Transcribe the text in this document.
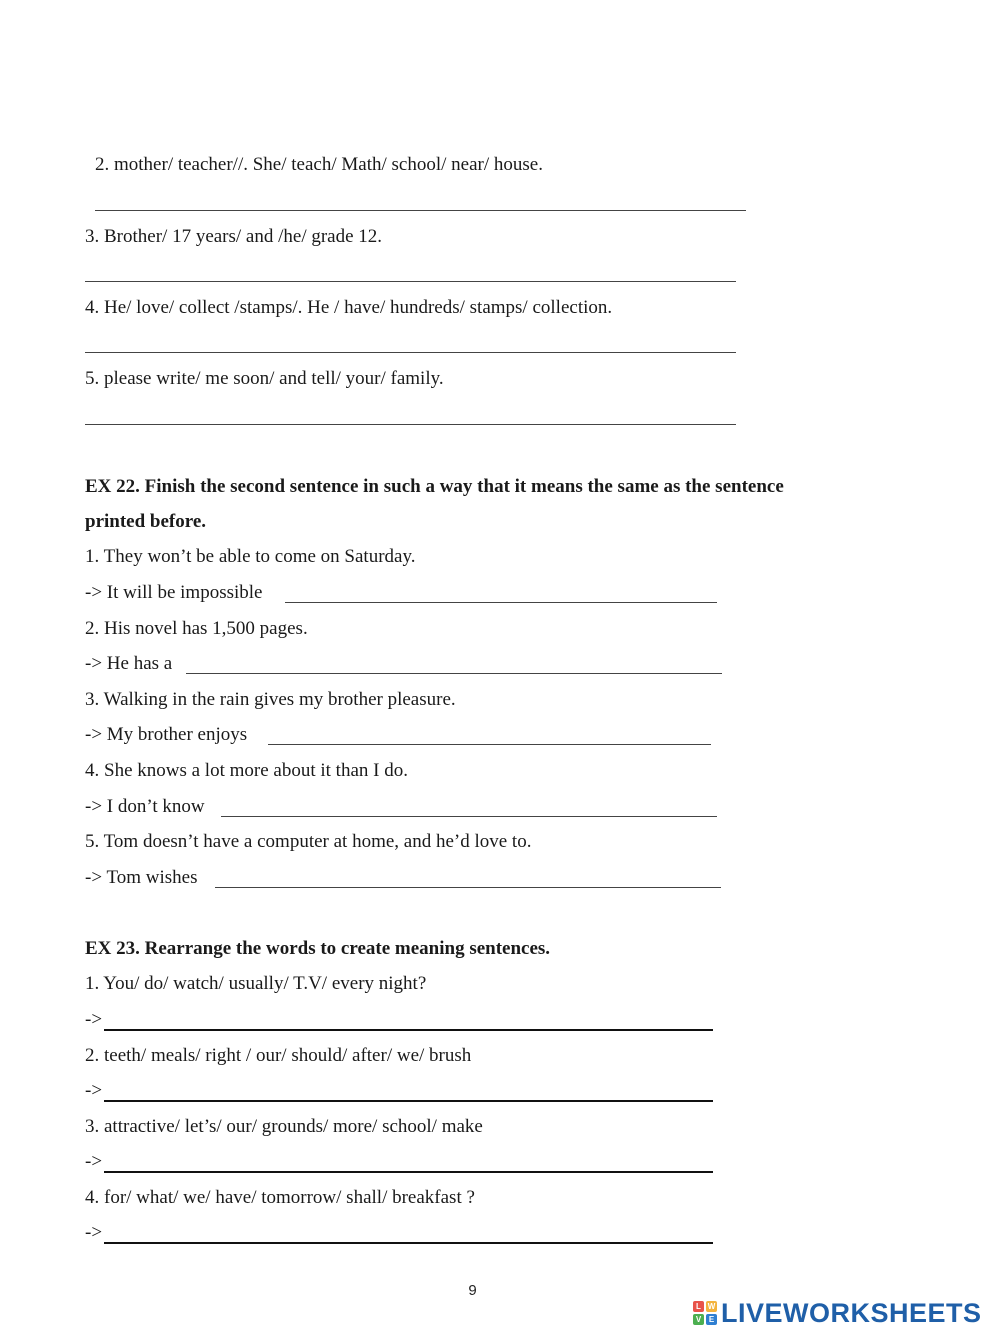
2. mother/ teacher//. She/ teach/ Math/ school/ near/ house.
3. Brother/ 17 years/ and /he/ grade 12.
4. He/ love/ collect /stamps/. He / have/ hundreds/ stamps/ collection.
5. please write/ me soon/ and tell/ your/ family.
EX 22. Finish the second sentence in such a way that it means the same as the sentence
printed before.
1. They won’t be able to come on Saturday.
-> It will be impossible
2. His novel has 1,500 pages.
-> He has a
3. Walking in the rain gives my brother pleasure.
-> My brother enjoys
4. She knows a lot more about it than I do.
-> I don’t know
5. Tom doesn’t have a computer at home, and he’d love to.
-> Tom wishes
EX 23. Rearrange the words to create meaning sentences.
1. You/ do/ watch/ usually/ T.V/ every night?
->
2. teeth/ meals/ right / our/ should/ after/ we/ brush
->
3. attractive/ let’s/ our/ grounds/ more/ school/ make
->
4. for/ what/ we/ have/ tomorrow/ shall/ breakfast ?
->
9
L W
V E LIVEWORKSHEETS
